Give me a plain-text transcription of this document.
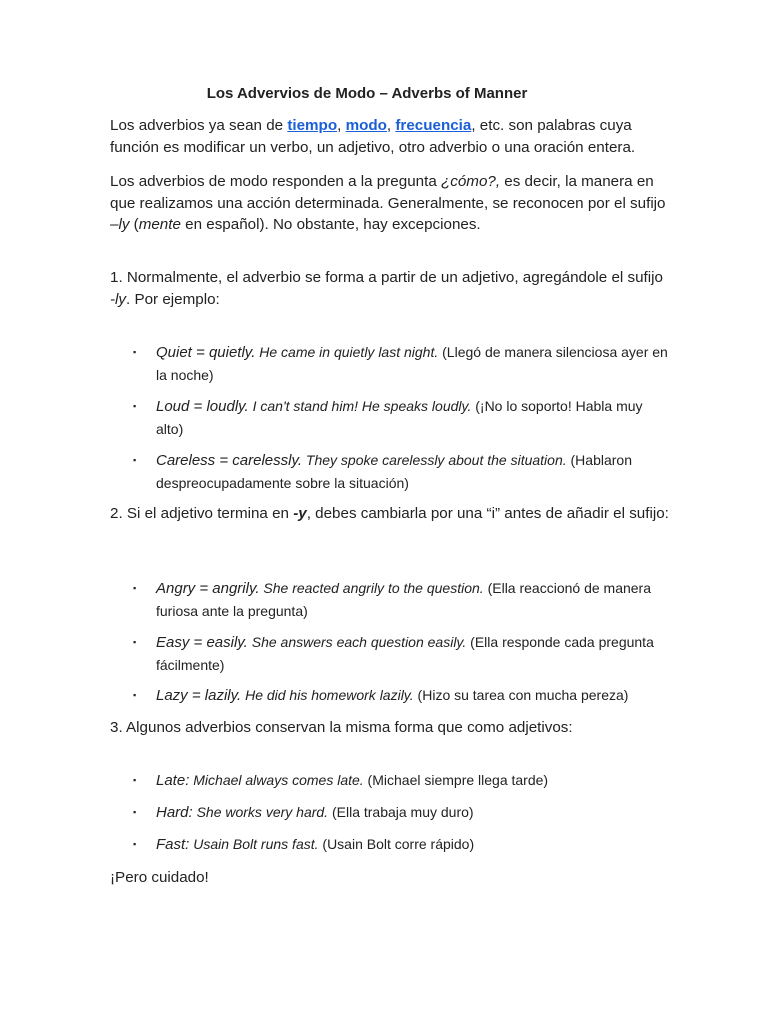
Los Advervios de Modo – Adverbs of Manner
Los adverbios ya sean de tiempo, modo, frecuencia, etc. son palabras cuya función es modificar un verbo, un adjetivo, otro adverbio o una oración entera.
Los adverbios de modo responden a la pregunta ¿cómo?, es decir, la manera en que realizamos una acción determinada. Generalmente, se reconocen por el sufijo –ly (mente en español). No obstante, hay excepciones.
1. Normalmente, el adverbio se forma a partir de un adjetivo, agregándole el sufijo -ly. Por ejemplo:
▪	Quiet = quietly. He came in quietly last night. (Llegó de manera silenciosa ayer en la noche)
▪	Loud = loudly. I can't stand him! He speaks loudly. (¡No lo soporto! Habla muy alto)
▪	Careless = carelessly. They spoke carelessly about the situation. (Hablaron despreocupadamente sobre la situación)
2. Si el adjetivo termina en -y, debes cambiarla por una “i” antes de añadir el sufijo:
▪	Angry = angrily. She reacted angrily to the question. (Ella reaccionó de manera furiosa ante la pregunta)
▪	Easy = easily. She answers each question easily. (Ella responde cada pregunta fácilmente)
▪	Lazy = lazily. He did his homework lazily. (Hizo su tarea con mucha pereza)
3. Algunos adverbios conservan la misma forma que como adjetivos:
▪	Late: Michael always comes late. (Michael siempre llega tarde)
▪	Hard: She works very hard. (Ella trabaja muy duro)
▪	Fast: Usain Bolt runs fast. (Usain Bolt corre rápido)
¡Pero cuidado!
